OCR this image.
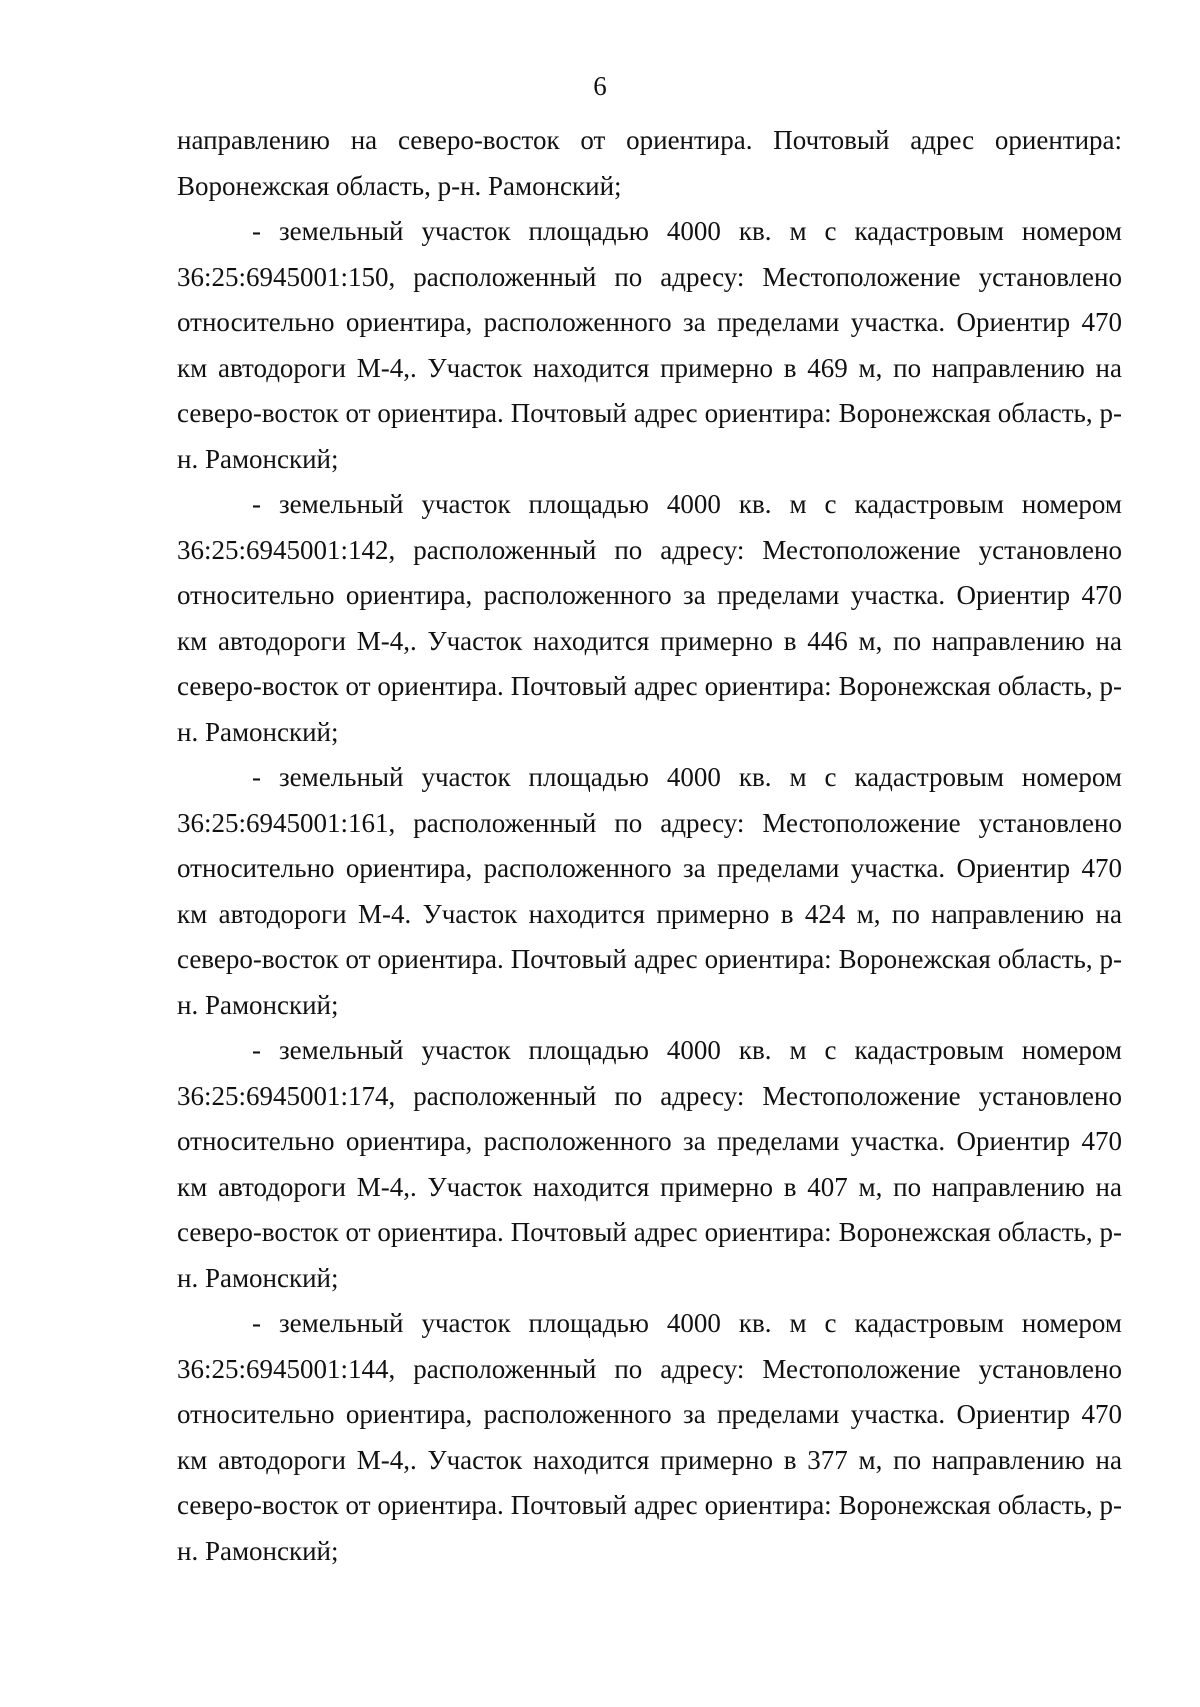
6

направлению на северо-восток от ориентира. Почтовый адрес ориентира: Воронежская область, р-н. Рамонский;

- земельный участок площадью 4000 кв. м с кадастровым номером 36:25:6945001:150, расположенный по адресу: Местоположение установлено относительно ориентира, расположенного за пределами участка. Ориентир 470 км автодороги М-4,. Участок находится примерно в 469 м, по направлению на северо-восток от ориентира. Почтовый адрес ориентира: Воронежская область, р-н. Рамонский;

- земельный участок площадью 4000 кв. м с кадастровым номером 36:25:6945001:142, расположенный по адресу: Местоположение установлено относительно ориентира, расположенного за пределами участка. Ориентир 470 км автодороги М-4,. Участок находится примерно в 446 м, по направлению на северо-восток от ориентира. Почтовый адрес ориентира: Воронежская область, р-н. Рамонский;

- земельный участок площадью 4000 кв. м с кадастровым номером 36:25:6945001:161, расположенный по адресу: Местоположение установлено относительно ориентира, расположенного за пределами участка. Ориентир 470 км автодороги М-4. Участок находится примерно в 424 м, по направлению на северо-восток от ориентира. Почтовый адрес ориентира: Воронежская область, р-н. Рамонский;

- земельный участок площадью 4000 кв. м с кадастровым номером 36:25:6945001:174, расположенный по адресу: Местоположение установлено относительно ориентира, расположенного за пределами участка. Ориентир 470 км автодороги М-4,. Участок находится примерно в 407 м, по направлению на северо-восток от ориентира. Почтовый адрес ориентира: Воронежская область, р-н. Рамонский;

- земельный участок площадью 4000 кв. м с кадастровым номером 36:25:6945001:144, расположенный по адресу: Местоположение установлено относительно ориентира, расположенного за пределами участка. Ориентир 470 км автодороги М-4,. Участок находится примерно в 377 м, по направлению на северо-восток от ориентира. Почтовый адрес ориентира: Воронежская область, р-н. Рамонский;
